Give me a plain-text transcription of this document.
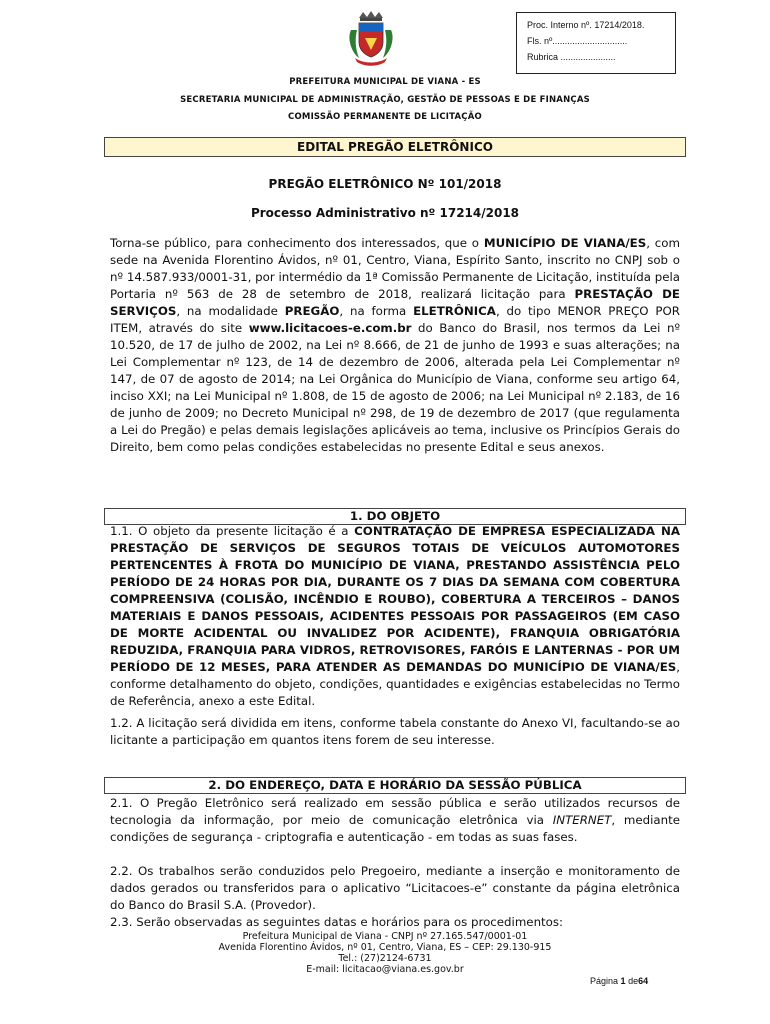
Proc. Interno nº. 17214/2018.
Fls. nº..............................
Rubrica ......................
PREFEITURA MUNICIPAL DE VIANA - ES
SECRETARIA MUNICIPAL DE ADMINISTRAÇÃO, GESTÃO DE PESSOAS E DE FINANÇAS
COMISSÃO PERMANENTE DE LICITAÇÃO
EDITAL PREGÃO ELETRÔNICO
PREGÃO ELETRÔNICO Nº 101/2018
Processo Administrativo nº 17214/2018
Torna-se público, para conhecimento dos interessados, que o MUNICÍPIO DE VIANA/ES, com sede na Avenida Florentino Ávidos, nº 01, Centro, Viana, Espírito Santo, inscrito no CNPJ sob o nº 14.587.933/0001-31, por intermédio da 1ª Comissão Permanente de Licitação, instituída pela Portaria nº 563 de 28 de setembro de 2018, realizará licitação para PRESTAÇÃO DE SERVIÇOS, na modalidade PREGÃO, na forma ELETRÔNICA, do tipo MENOR PREÇO POR ITEM, através do site www.licitacoes-e.com.br do Banco do Brasil, nos termos da Lei nº 10.520, de 17 de julho de 2002, na Lei nº 8.666, de 21 de junho de 1993 e suas alterações; na Lei Complementar nº 123, de 14 de dezembro de 2006, alterada pela Lei Complementar nº 147, de 07 de agosto de 2014; na Lei Orgânica do Município de Viana, conforme seu artigo 64, inciso XXI; na Lei Municipal nº 1.808, de 15 de agosto de 2006; na Lei Municipal nº 2.183, de 16 de junho de 2009; no Decreto Municipal nº 298, de 19 de dezembro de 2017 (que regulamenta a Lei do Pregão) e pelas demais legislações aplicáveis ao tema, inclusive os Princípios Gerais do Direito, bem como pelas condições estabelecidas no presente Edital e seus anexos.
1. DO OBJETO
1.1. O objeto da presente licitação é a CONTRATAÇÃO DE EMPRESA ESPECIALIZADA NA PRESTAÇÃO DE SERVIÇOS DE SEGUROS TOTAIS DE VEÍCULOS AUTOMOTORES PERTENCENTES À FROTA DO MUNICÍPIO DE VIANA, PRESTANDO ASSISTÊNCIA PELO PERÍODO DE 24 HORAS POR DIA, DURANTE OS 7 DIAS DA SEMANA COM COBERTURA COMPREENSIVA (COLISÃO, INCÊNDIO E ROUBO), COBERTURA A TERCEIROS – DANOS MATERIAIS E DANOS PESSOAIS, ACIDENTES PESSOAIS POR PASSAGEIROS (EM CASO DE MORTE ACIDENTAL OU INVALIDEZ POR ACIDENTE), FRANQUIA OBRIGATÓRIA REDUZIDA, FRANQUIA PARA VIDROS, RETROVISORES, FARÓIS E LANTERNAS - POR UM PERÍODO DE 12 MESES, PARA ATENDER AS DEMANDAS DO MUNICÍPIO DE VIANA/ES, conforme detalhamento do objeto, condições, quantidades e exigências estabelecidas no Termo de Referência, anexo a este Edital.
1.2. A licitação será dividida em itens, conforme tabela constante do Anexo VI, facultando-se ao licitante a participação em quantos itens forem de seu interesse.
2. DO ENDEREÇO, DATA E HORÁRIO DA SESSÃO PÚBLICA
2.1. O Pregão Eletrônico será realizado em sessão pública e serão utilizados recursos de tecnologia da informação, por meio de comunicação eletrônica via INTERNET, mediante condições de segurança - criptografia e autenticação - em todas as suas fases.
2.2. Os trabalhos serão conduzidos pelo Pregoeiro, mediante a inserção e monitoramento de dados gerados ou transferidos para o aplicativo “Licitacoes-e” constante da página eletrônica do Banco do Brasil S.A. (Provedor).
2.3. Serão observadas as seguintes datas e horários para os procedimentos:
Prefeitura Municipal de Viana - CNPJ nº 27.165.547/0001-01
Avenida Florentino Ávidos, nº 01, Centro, Viana, ES – CEP: 29.130-915
Tel.: (27)2124-6731
E-mail: licitacao@viana.es.gov.br
Página 1 de64
